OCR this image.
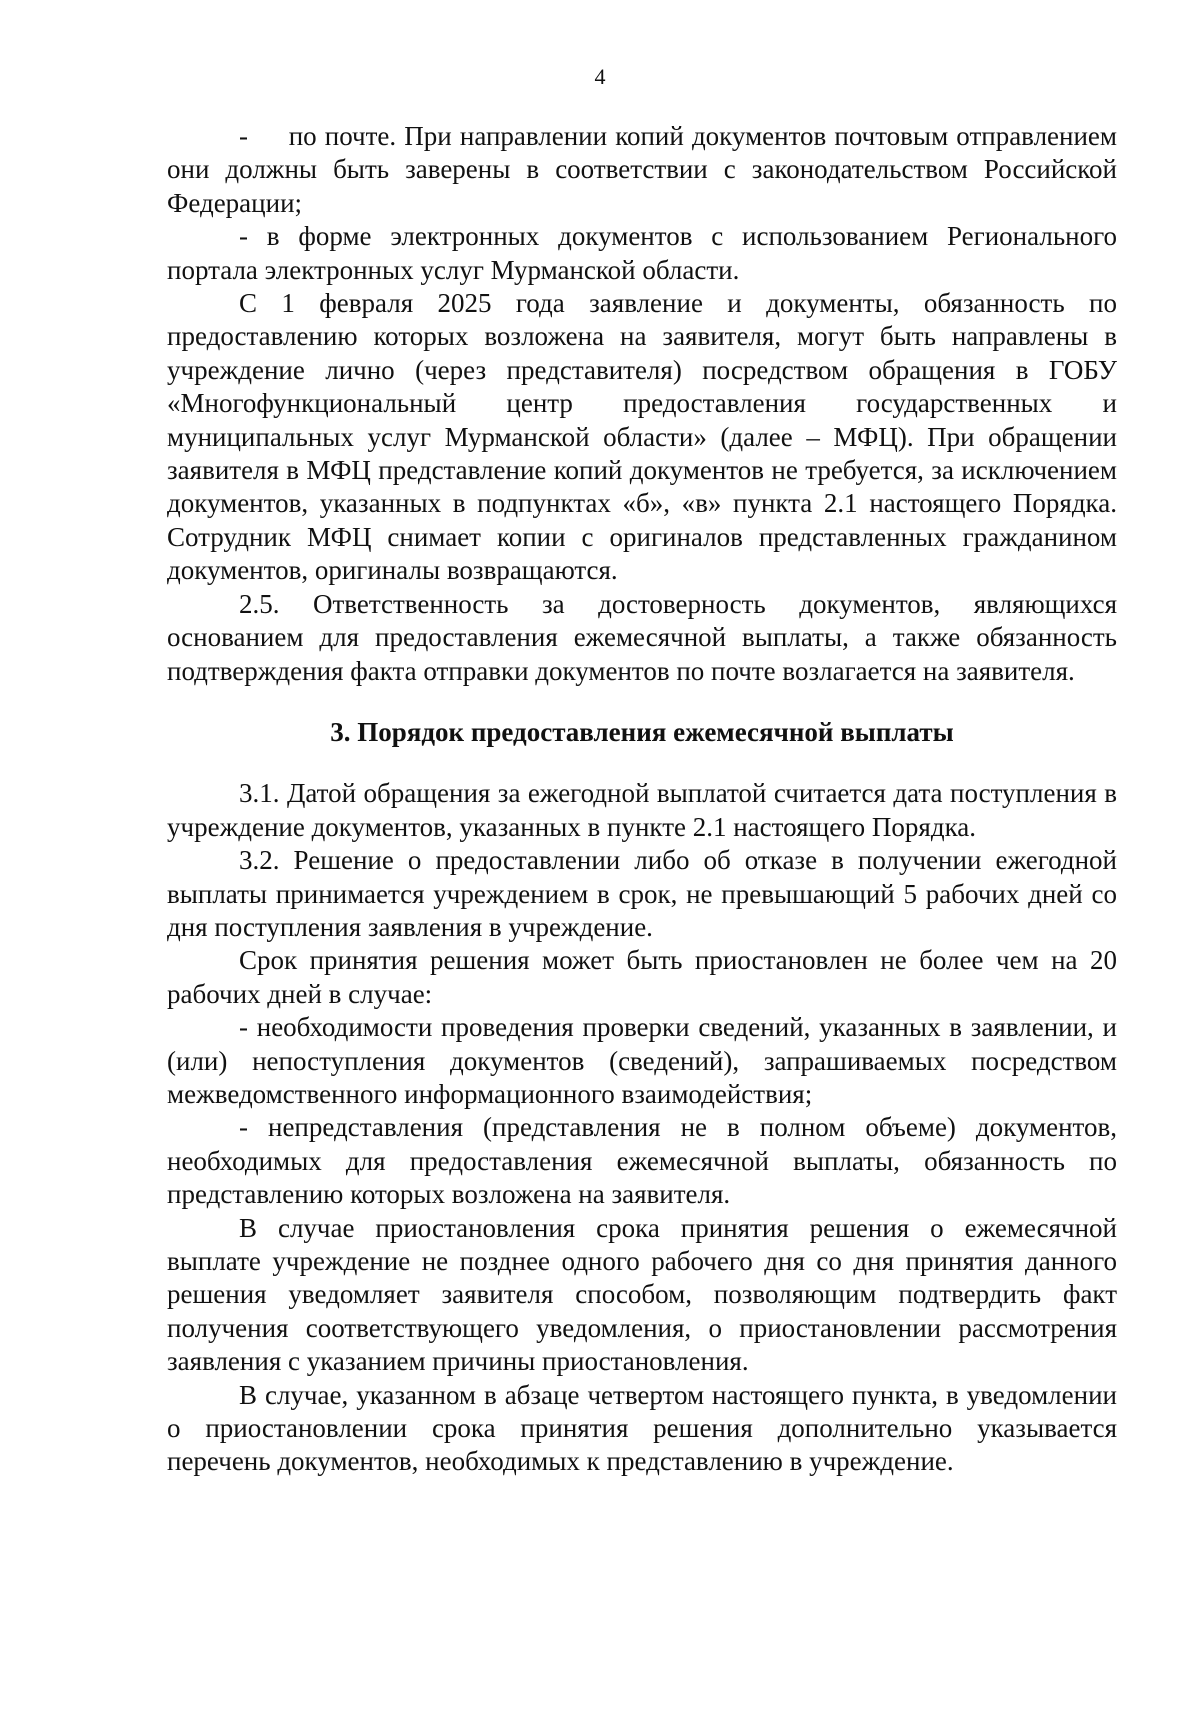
4

-     по почте. При направлении копий документов почтовым отправлением они должны быть заверены в соответствии с законодательством Российской Федерации;

- в форме электронных документов с использованием Регионального портала электронных услуг Мурманской области.

С 1 февраля 2025 года заявление и документы, обязанность по предоставлению которых возложена на заявителя, могут быть направлены в учреждение лично (через представителя) посредством обращения в ГОБУ «Многофункциональный центр предоставления государственных и муниципальных услуг Мурманской области» (далее – МФЦ). При обращении заявителя в МФЦ представление копий документов не требуется, за исключением документов, указанных в подпунктах «б», «в» пункта 2.1 настоящего Порядка. Сотрудник МФЦ снимает копии с оригиналов представленных гражданином документов, оригиналы возвращаются.

2.5. Ответственность за достоверность документов, являющихся основанием для предоставления ежемесячной выплаты, а также обязанность подтверждения факта отправки документов по почте возлагается на заявителя.

3. Порядок предоставления ежемесячной выплаты

3.1. Датой обращения за ежегодной выплатой считается дата поступления в учреждение документов, указанных в пункте 2.1 настоящего Порядка.

3.2. Решение о предоставлении либо об отказе в получении ежегодной выплаты принимается учреждением в срок, не превышающий 5 рабочих дней со дня поступления заявления в учреждение.

Срок принятия решения может быть приостановлен не более чем на 20 рабочих дней в случае:

- необходимости проведения проверки сведений, указанных в заявлении, и (или) непоступления документов (сведений), запрашиваемых посредством межведомственного информационного взаимодействия;

- непредставления (представления не в полном объеме) документов, необходимых для предоставления ежемесячной выплаты, обязанность по представлению которых возложена на заявителя.

В случае приостановления срока принятия решения о ежемесячной выплате учреждение не позднее одного рабочего дня со дня принятия данного решения уведомляет заявителя способом, позволяющим подтвердить факт получения соответствующего уведомления, о приостановлении рассмотрения заявления с указанием причины приостановления.

В случае, указанном в абзаце четвертом настоящего пункта, в уведомлении о приостановлении срока принятия решения дополнительно указывается перечень документов, необходимых к представлению в учреждение.
